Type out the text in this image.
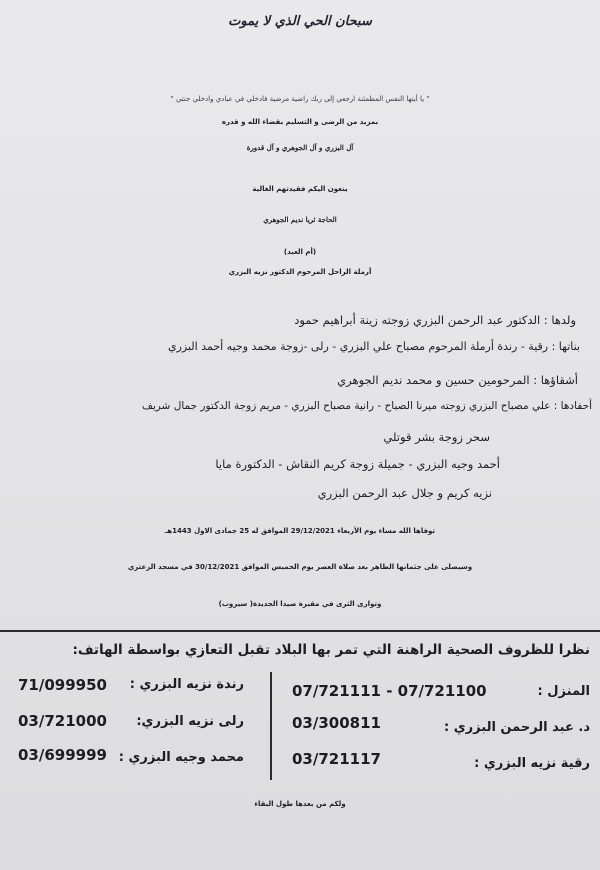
سبحان الحي الذي لا يموت
" يا أيتها النفس المطمئنة ارجعي إلى ربك راضية مرضية فادخلي في عبادي وادخلي جنتي "
بمزيد من الرضى و التسليم بقضاء الله و قدره
آل البزري و آل الجوهري و آل قدورة
ينعون اليكم فقيدتهم الغالية
الحاجة ثريا نديم الجوهري
(أم العبد)
أرملة الراحل المرحوم الدكتور نزيه البزري
ولدها : الدكتور عبد الرحمن البزري زوجته زينة أبراهيم حمود
بناتها : رقية - رندة أرملة المرحوم مصباح علي البزري - رلى -زوجة محمد وجيه أحمد البزري
أشقاؤها : المرحومين حسين و محمد نديم الجوهري
أحفادها : علي مصباح البزري زوجته ميرنا الصباح - رانية مصباح البزري - مريم زوجة الدكتور جمال شريف
سحر زوجة بشر قوتلي
أحمد وجيه البزري - جميلة زوجة كريم النقاش - الدكتورة مايا
نزيه كريم و جلال عبد الرحمن البزري
توفاها الله مساء يوم الأربعاء 29/12/2021 الموافق له 25 جمادى الاول 1443هـ
وسيصلى على جثمانها الطاهر بعد صلاة العصر يوم الخميس الموافق 30/12/2021 في مسجد الزعتري
وتوارى الثرى في مقبرة صيدا الجديدة( سيروب)
نظرا للظروف الصحية الراهنة التي تمر بها البلاد تقبل التعازي بواسطة الهاتف:
المنزل :
07/721111 - 07/721100
د. عبد الرحمن البزري :
03/300811
رقية نزيه البزري :
03/721117
رندة نزيه البزري :
71/099950
رلى نزيه البزري:
03/721000
محمد وجيه البزري :
03/699999
ولكم من بعدها طول البقاء
